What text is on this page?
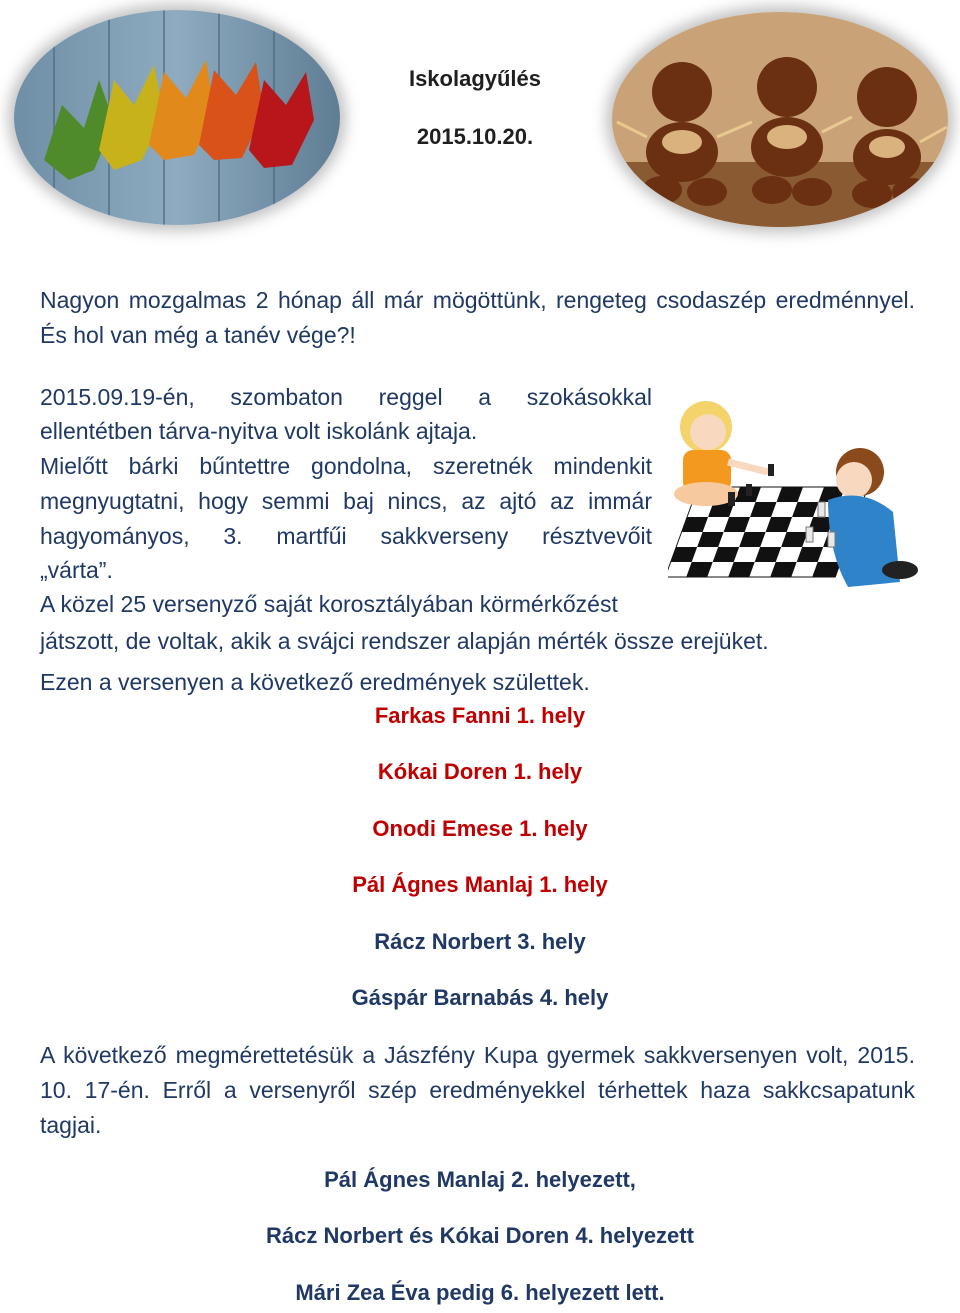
Iskolagyűlés
2015.10.20.
Nagyon mozgalmas 2 hónap áll már mögöttünk, rengeteg csodaszép eredménnyel. És hol van még a tanév vége?!
2015.09.19-én, szombaton reggel a szokásokkal
ellentétben tárva-nyitva volt iskolánk ajtaja.
Mielőtt bárki bűntettre gondolna, szeretnék mindenkit
megnyugtatni, hogy semmi baj nincs, az ajtó az immár
hagyományos, 3. martfűi sakkverseny résztvevőit
„várta”.
A közel 25 versenyző saját korosztályában körmérkőzést
játszott, de voltak, akik a svájci rendszer alapján mérték össze erejüket.
Ezen a versenyen a következő eredmények születtek.
Farkas Fanni 1. hely
Kókai Doren 1. hely
Onodi Emese 1. hely
Pál Ágnes Manlaj 1. hely
Rácz Norbert 3. hely
Gáspár Barnabás 4. hely
A következő megmérettetésük a Jászfény Kupa gyermek sakkversenyen volt, 2015. 10. 17-én. Erről a versenyről szép eredményekkel térhettek haza sakkcsapatunk tagjai.
Pál Ágnes Manlaj 2. helyezett,
Rácz Norbert és Kókai Doren 4. helyezett
Mári Zea Éva pedig 6. helyezett lett.
